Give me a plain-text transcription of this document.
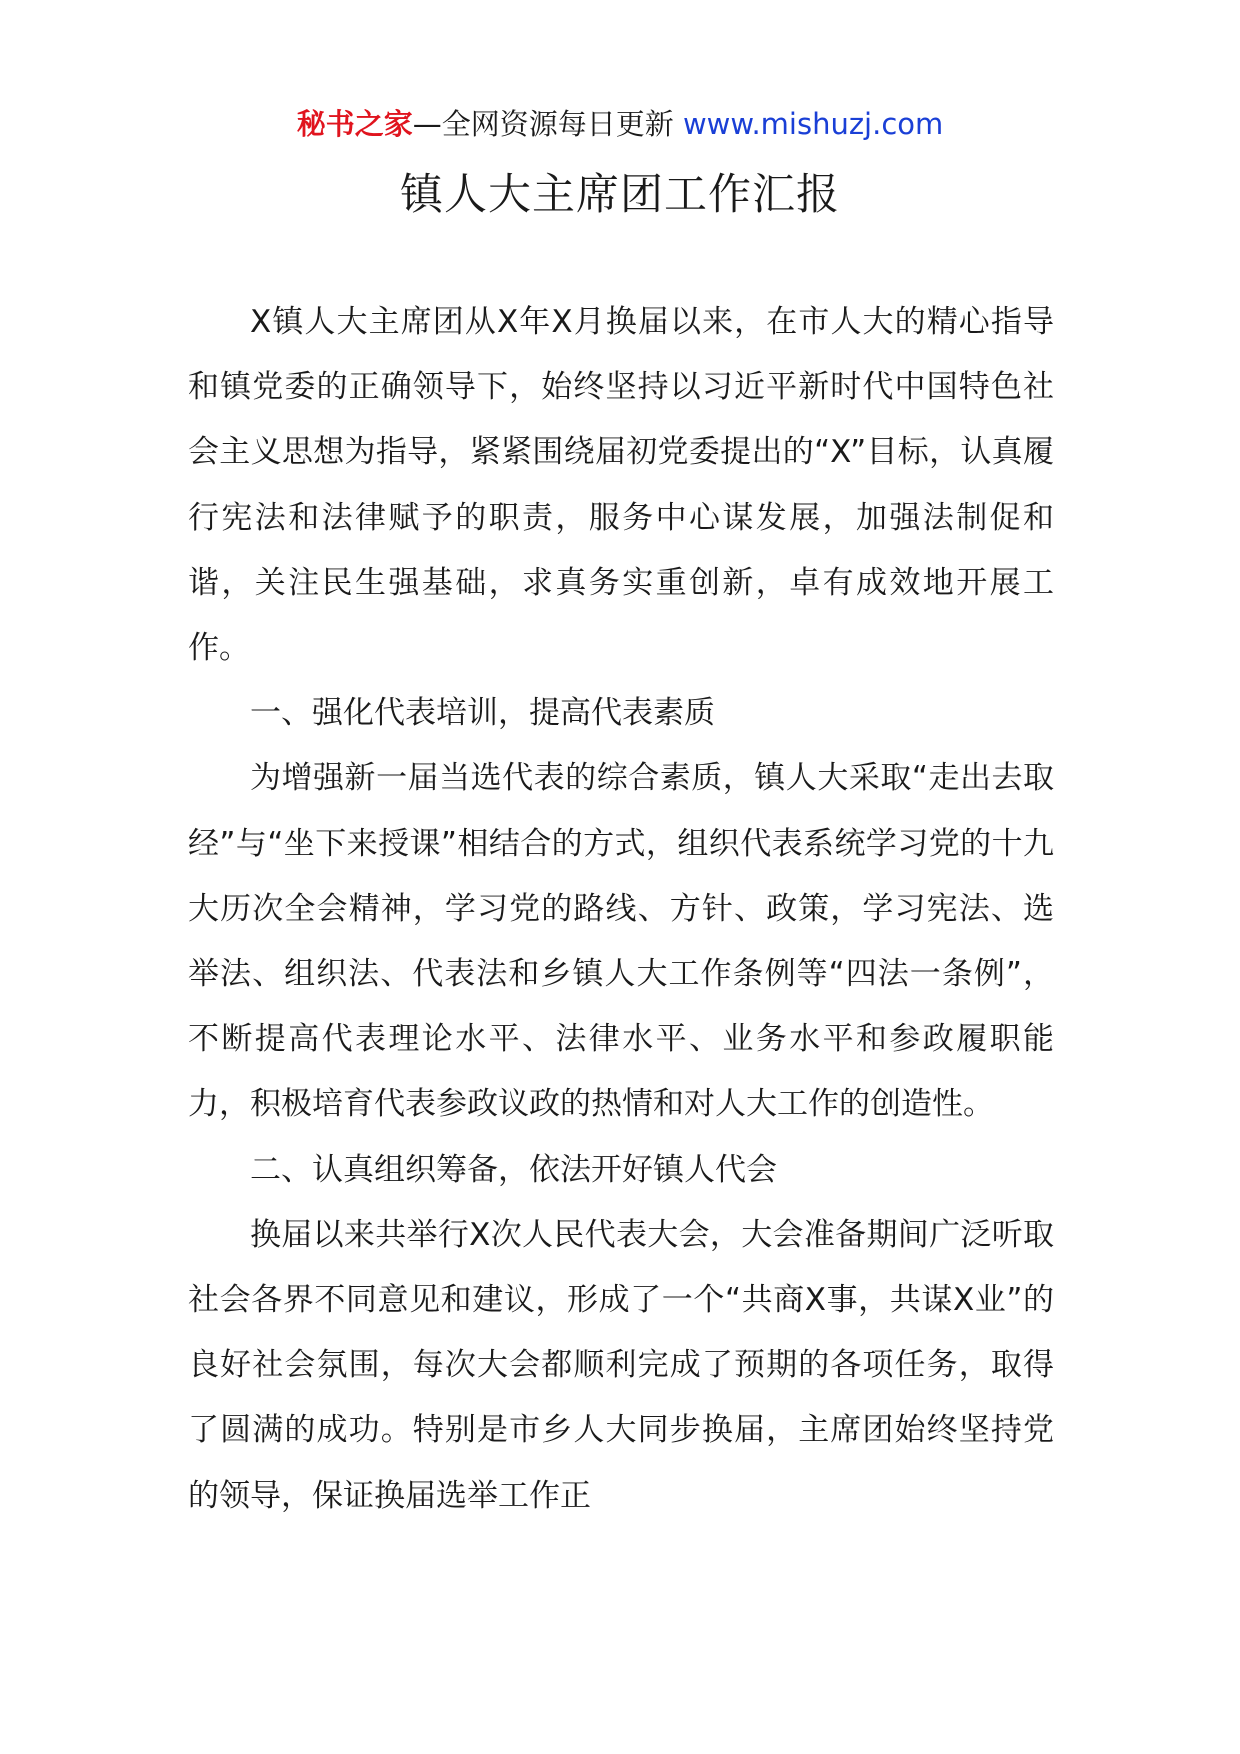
秘书之家—全网资源每日更新 www.mishuzj.com
镇人大主席团工作汇报

X镇人大主席团从X年X月换届以来，在市人大的精心指导和镇党委的正确领导下，始终坚持以习近平新时代中国特色社会主义思想为指导，紧紧围绕届初党委提出的“X”目标，认真履行宪法和法律赋予的职责，服务中心谋发展，加强法制促和谐，关注民生强基础，求真务实重创新，卓有成效地开展工作。

一、强化代表培训，提高代表素质

为增强新一届当选代表的综合素质，镇人大采取“走出去取经”与“坐下来授课”相结合的方式，组织代表系统学习党的十九大历次全会精神，学习党的路线、方针、政策，学习宪法、选举法、组织法、代表法和乡镇人大工作条例等“四法一条例”，不断提高代表理论水平、法律水平、业务水平和参政履职能力，积极培育代表参政议政的热情和对人大工作的创造性。

二、认真组织筹备，依法开好镇人代会

换届以来共举行X次人民代表大会，大会准备期间广泛听取社会各界不同意见和建议，形成了一个“共商X事，共谋X业”的良好社会氛围，每次大会都顺利完成了预期的各项任务，取得了圆满的成功。特别是市乡人大同步换届，主席团始终坚持党的领导，保证换届选举工作正
